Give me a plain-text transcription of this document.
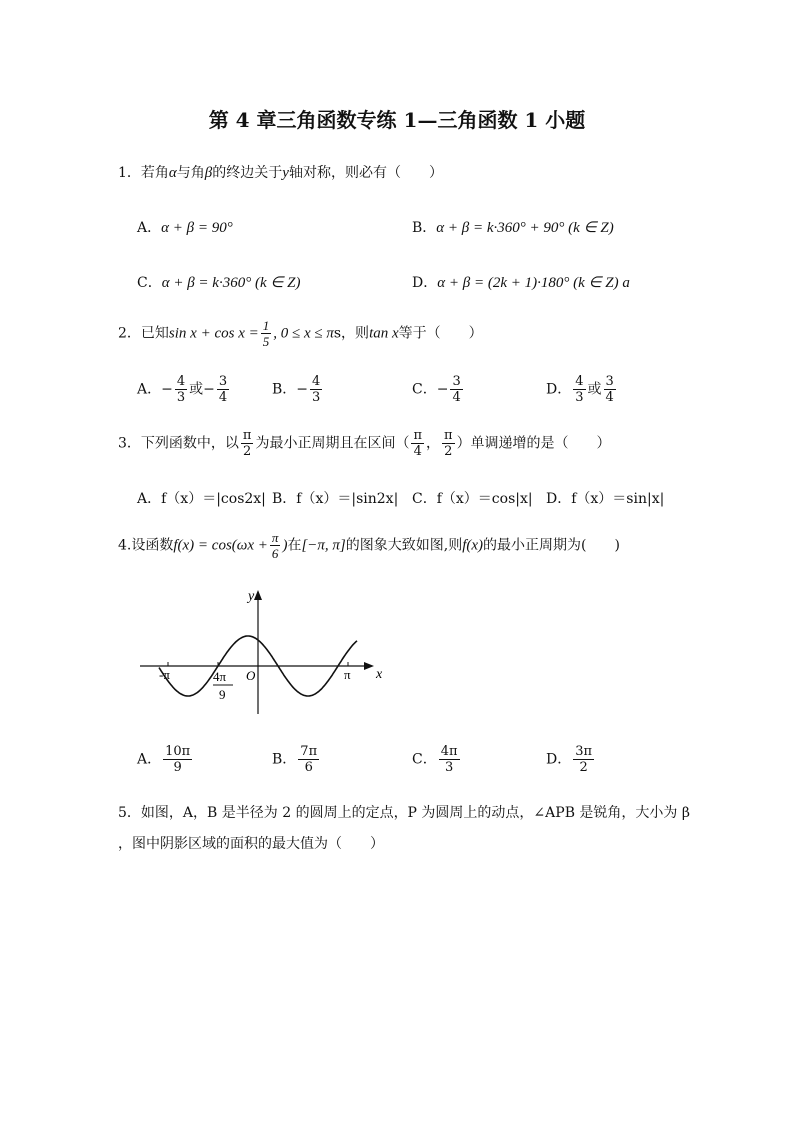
第 4 章三角函数专练 1—三角函数 1 小题
1．若角α与角β的终边关于y轴对称，则必有（　　）
A．α + β = 90°	B．α + β = k·360° + 90° (k ∈ Z)
C．α + β = k·360° (k ∈ Z)	D．α + β = (2k + 1)·180° (k ∈ Z) a
2．已知$\sin x + \cos x = \frac{1}{5}$ , 0 ≤ x ≤ πs，则tan x等于（　　）
A．− $\frac{4}{3}$ 或− $\frac{3}{4}$	B．− $\frac{4}{3}$	C．− $\frac{3}{4}$	D． $\frac{4}{3}$ 或 $\frac{3}{4}$
3．下列函数中，以 $\frac{\pi}{2}$ 为最小正周期且在区间（ $\frac{\pi}{4}$ ， $\frac{\pi}{2}$ ）单调递增的是（　　）
A．f（x）＝|cos2x| B．f（x）＝|sin2x| C．f（x）＝cos|x| D．f（x）＝sin|x|
4.设函数$f(x) = \cos(\omega x + \frac{\pi}{6}$ )在[−π, π]的图象大致如图,则f(x)的最小正周期为(　　)
y
x
O
-π	π
4π
9
A． $\frac{10\pi}{9}$	B． $\frac{7\pi}{6}$	C． $\frac{4\pi}{3}$	D． $\frac{3\pi}{2}$
5．如图，A，B 是半径为 2 的圆周上的定点，P 为圆周上的动点，∠APB 是锐角，大小为 β
，图中阴影区域的面积的最大值为（　　）
